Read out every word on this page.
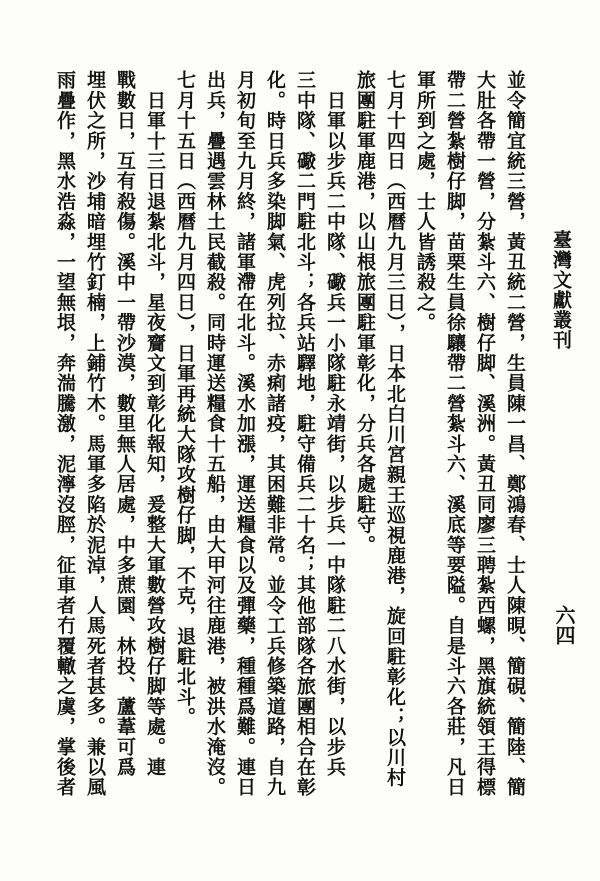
臺灣文獻叢刊
六四
並令簡宜統三營，黃丑統二營，生員陳一昌、鄭鴻春、士人陳晛、簡硯、簡陸、簡
大肚各帶一營，分紮斗六、樹仔脚、溪洲。黃丑同廖三聘紮西螺，黑旗統領王得標
帶二營紮樹仔脚，苗栗生員徐驤帶二營紮斗六、溪底等要隘。自是斗六各莊，凡日
軍所到之處，士人皆誘殺之。
七月十四日（西曆九月三日），日本北白川宮親王巡視鹿港，旋回駐彰化；以川村
旅團駐軍鹿港，以山根旅團駐軍彰化，分兵各處駐守。
　日軍以步兵二中隊、礮兵一小隊駐永靖街，以步兵一中隊駐二八水街，以步兵
三中隊、礮二門駐北斗；各兵站驛地，駐守備兵二十名；其他部隊各旅團相合在彰
化。時日兵多染脚氣、虎列拉、赤痢諸疫，其困難非常。並令工兵修築道路，自九
月初旬至九月終，諸軍滯在北斗。溪水加漲，運送糧食以及彈藥，種種爲難。連日
出兵，疊遇雲林土民截殺。同時運送糧食十五船，由大甲河往鹿港，被洪水淹沒。
七月十五日（西曆九月四日），日軍再統大隊攻樹仔脚，不克，退駐北斗。
　日軍十三日退紮北斗，星夜齎文到彰化報知，爰整大軍數營攻樹仔脚等處。連
戰數日，互有殺傷。溪中一帶沙漠，數里無人居處，中多蔗園、林投、蘆葦可爲
埋伏之所，沙埔暗埋竹釘楠，上鋪竹木。馬軍多陷於泥淖，人馬死者甚多。兼以風
雨疊作，黑水浩淼，一望無垠，奔湍騰激，泥濘沒脛，征車者冇覆轍之虞，掌後者
